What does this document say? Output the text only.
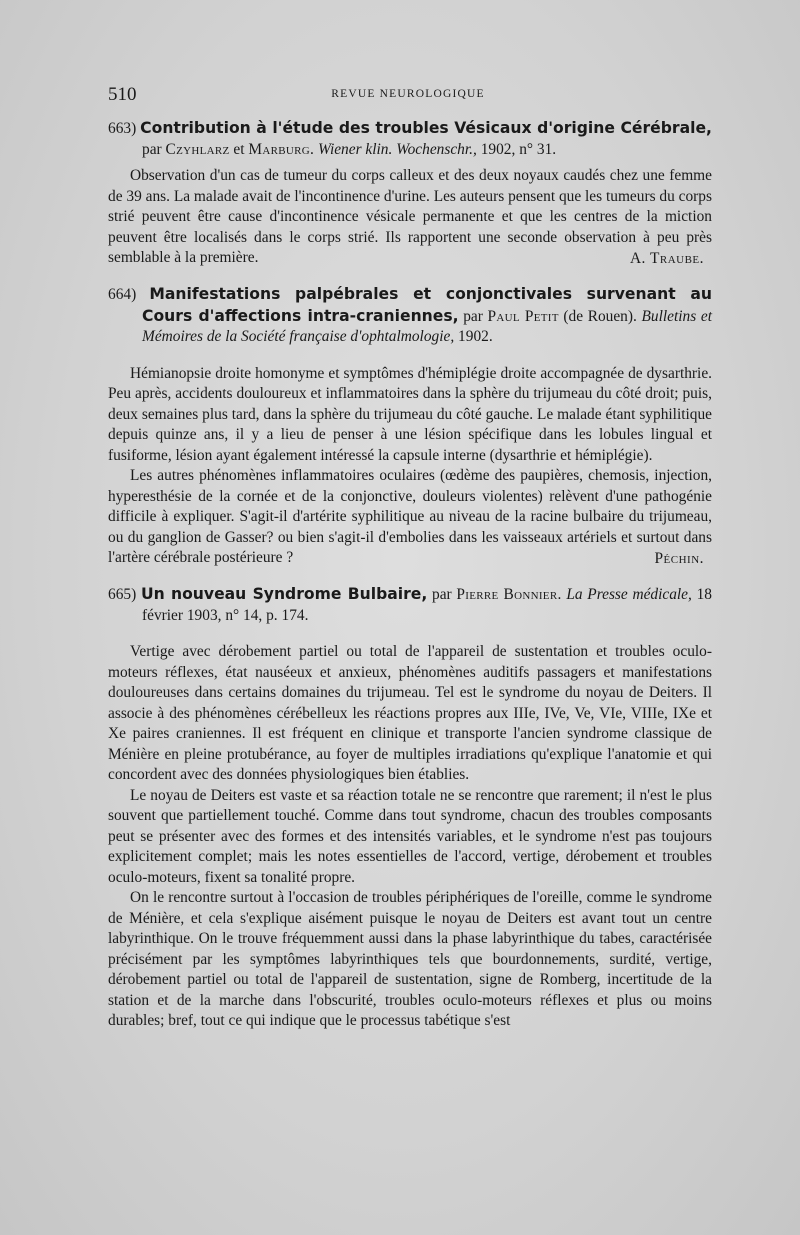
510	REVUE NEUROLOGIQUE
663) Contribution à l'étude des troubles Vésicaux d'origine Cérébrale, par Czyhlarz et Marburg. Wiener klin. Wochenschr., 1902, n° 31.

Observation d'un cas de tumeur du corps calleux et des deux noyaux caudés chez une femme de 39 ans. La malade avait de l'incontinence d'urine. Les auteurs pensent que les tumeurs du corps strié peuvent être cause d'incontinence vésicale permanente et que les centres de la miction peuvent être localisés dans le corps strié. Ils rapportent une seconde observation à peu près semblable à la première.	A. Traube.
664) Manifestations palpébrales et conjonctivales survenant au Cours d'affections intra-craniennes, par Paul Petit (de Rouen). Bulletins et Mémoires de la Société française d'ophtalmologie, 1902.

Hémianopsie droite homonyme et symptômes d'hémiplégie droite accompagnée de dysarthrie. Peu après, accidents douloureux et inflammatoires dans la sphère du trijumeau du côté droit; puis, deux semaines plus tard, dans la sphère du trijumeau du côté gauche. Le malade étant syphilitique depuis quinze ans, il y a lieu de penser à une lésion spécifique dans les lobules lingual et fusiforme, lésion ayant également intéressé la capsule interne (dysarthrie et hémiplégie).

Les autres phénomènes inflammatoires oculaires (œdème des paupières, chemosis, injection, hyperesthésie de la cornée et de la conjonctive, douleurs violentes) relèvent d'une pathogénie difficile à expliquer. S'agit-il d'artérite syphilitique au niveau de la racine bulbaire du trijumeau, ou du ganglion de Gasser? ou bien s'agit-il d'embolies dans les vaisseaux artériels et surtout dans l'artère cérébrale postérieure ?	Péchin.
665) Un nouveau Syndrome Bulbaire, par Pierre Bonnier. La Presse médicale, 18 février 1903, n° 14, p. 174.

Vertige avec dérobement partiel ou total de l'appareil de sustentation et troubles oculo-moteurs réflexes, état nauséeux et anxieux, phénomènes auditifs passagers et manifestations douloureuses dans certains domaines du trijumeau. Tel est le syndrome du noyau de Deiters. Il associe à des phénomènes cérébelleux les réactions propres aux IIIe, IVe, Ve, VIe, VIIIe, IXe et Xe paires craniennes. Il est fréquent en clinique et transporte l'ancien syndrome classique de Ménière en pleine protubérance, au foyer de multiples irradiations qu'explique l'anatomie et qui concordent avec des données physiologiques bien établies.

Le noyau de Deiters est vaste et sa réaction totale ne se rencontre que rarement; il n'est le plus souvent que partiellement touché. Comme dans tout syndrome, chacun des troubles composants peut se présenter avec des formes et des intensités variables, et le syndrome n'est pas toujours explicitement complet; mais les notes essentielles de l'accord, vertige, dérobement et troubles oculo-moteurs, fixent sa tonalité propre.

On le rencontre surtout à l'occasion de troubles périphériques de l'oreille, comme le syndrome de Ménière, et cela s'explique aisément puisque le noyau de Deiters est avant tout un centre labyrinthique. On le trouve fréquemment aussi dans la phase labyrinthique du tabes, caractérisée précisément par les symptômes labyrinthiques tels que bourdonnements, surdité, vertige, dérobement partiel ou total de l'appareil de sustentation, signe de Romberg, incertitude de la station et de la marche dans l'obscurité, troubles oculo-moteurs réflexes et plus ou moins durables; bref, tout ce qui indique que le processus tabétique s'est
